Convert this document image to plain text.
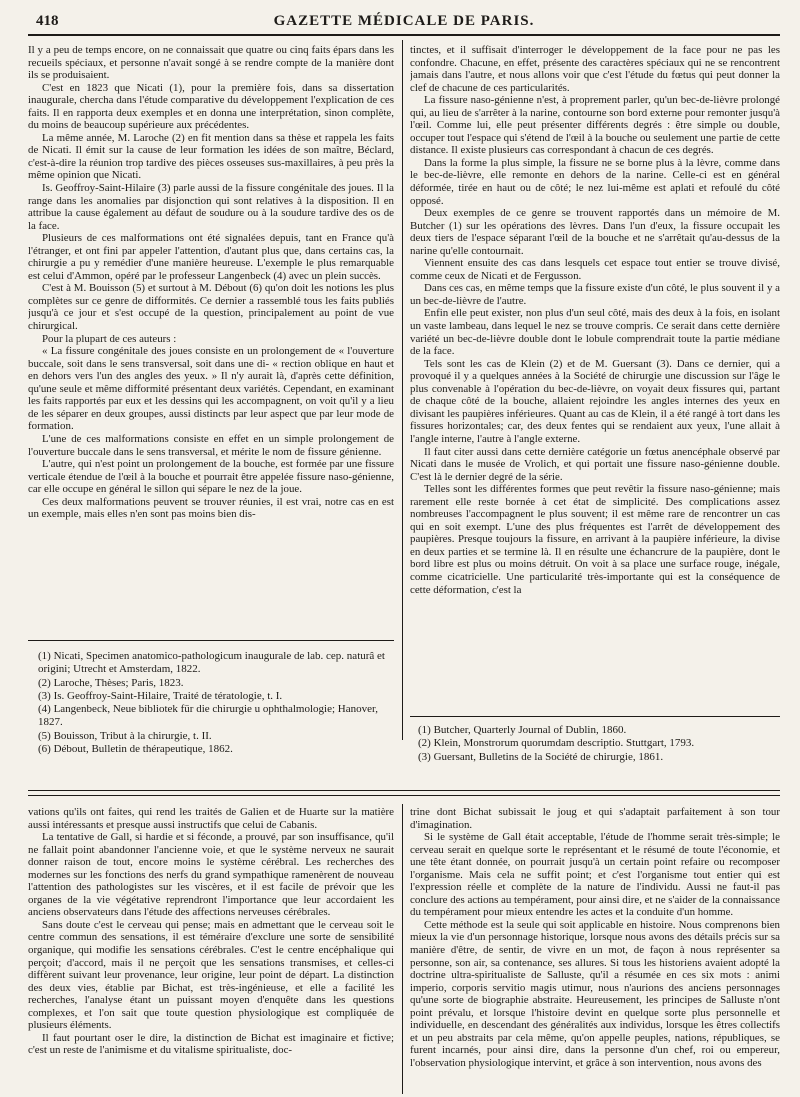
418	GAZETTE MÉDICALE DE PARIS.

Il y a peu de temps encore, on ne connaissait que quatre ou cinq faits épars dans les recueils spéciaux, et personne n'avait songé à se rendre compte de la manière dont ils se produisaient.

C'est en 1823 que Nicati (1), pour la première fois, dans sa dissertation inaugurale, chercha dans l'étude comparative du développement l'explication de ces faits. Il en rapporta deux exemples et en donna une interprétation, sinon complète, du moins de beaucoup supérieure aux précédentes.

La même année, M. Laroche (2) en fit mention dans sa thèse et rappela les faits de Nicati. Il émit sur la cause de leur formation les idées de son maître, Béclard, c'est-à-dire la réunion trop tardive des pièces osseuses sus-maxillaires, à peu près la même opinion que Nicati.

Is. Geoffroy-Saint-Hilaire (3) parle aussi de la fissure congénitale des joues. Il la range dans les anomalies par disjonction qui sont relatives à la disposition. Il en attribue la cause également au défaut de soudure ou à la soudure tardive des os de la face.

Plusieurs de ces malformations ont été signalées depuis, tant en France qu'à l'étranger, et ont fini par appeler l'attention, d'autant plus que, dans certains cas, la chirurgie a pu y remédier d'une manière heureuse. L'exemple le plus remarquable est celui d'Ammon, opéré par le professeur Langenbeck (4) avec un plein succès.

C'est à M. Bouisson (5) et surtout à M. Débout (6) qu'on doit les notions les plus complètes sur ce genre de difformités. Ce dernier a rassemblé tous les faits publiés jusqu'à ce jour et s'est occupé de la question, principalement au point de vue chirurgical.

Pour la plupart de ces auteurs :

« La fissure congénitale des joues consiste en un prolongement de « l'ouverture buccale, soit dans le sens transversal, soit dans une di- « rection oblique en haut et en dehors vers l'un des angles des yeux. » Il n'y aurait là, d'après cette définition, qu'une seule et même difformité présentant deux variétés. Cependant, en examinant les faits rapportés par eux et les dessins qui les accompagnent, on voit qu'il y a lieu de les séparer en deux groupes, aussi distincts par leur aspect que par leur mode de formation.

L'une de ces malformations consiste en effet en un simple prolongement de l'ouverture buccale dans le sens transversal, et mérite le nom de fissure génienne.

L'autre, qui n'est point un prolongement de la bouche, est formée par une fissure verticale étendue de l'œil à la bouche et pourrait être appelée fissure naso-génienne, car elle occupe en général le sillon qui sépare le nez de la joue.

Ces deux malformations peuvent se trouver réunies, il est vrai, notre cas en est un exemple, mais elles n'en sont pas moins bien dis-

tinctes, et il suffisait d'interroger le développement de la face pour ne pas les confondre. Chacune, en effet, présente des caractères spéciaux qui ne se rencontrent jamais dans l'autre, et nous allons voir que c'est l'étude du fœtus qui peut donner la clef de chacune de ces particularités.

La fissure naso-génienne n'est, à proprement parler, qu'un bec-de-lièvre prolongé qui, au lieu de s'arrêter à la narine, contourne son bord externe pour remonter jusqu'à l'œil. Comme lui, elle peut présenter différents degrés : être simple ou double, occuper tout l'espace qui s'étend de l'œil à la bouche ou seulement une partie de cette distance. Il existe plusieurs cas correspondant à chacun de ces degrés.

Dans la forme la plus simple, la fissure ne se borne plus à la lèvre, comme dans le bec-de-lièvre, elle remonte en dehors de la narine. Celle-ci est en général déformée, tirée en haut ou de côté; le nez lui-même est aplati et refoulé du côté opposé.

Deux exemples de ce genre se trouvent rapportés dans un mémoire de M. Butcher (1) sur les opérations des lèvres. Dans l'un d'eux, la fissure occupait les deux tiers de l'espace séparant l'œil de la bouche et ne s'arrêtait qu'au-dessus de la narine qu'elle contournait.

Viennent ensuite des cas dans lesquels cet espace tout entier se trouve divisé, comme ceux de Nicati et de Fergusson.

Dans ces cas, en même temps que la fissure existe d'un côté, le plus souvent il y a un bec-de-lièvre de l'autre.

Enfin elle peut exister, non plus d'un seul côté, mais des deux à la fois, en isolant un vaste lambeau, dans lequel le nez se trouve compris. Ce serait dans cette dernière variété un bec-de-lièvre double dont le lobule comprendrait toute la partie médiane de la face.

Tels sont les cas de Klein (2) et de M. Guersant (3). Dans ce dernier, qui a provoqué il y a quelques années à la Société de chirurgie une discussion sur l'âge le plus convenable à l'opération du bec-de-lièvre, on voyait deux fissures qui, partant de chaque côté de la bouche, allaient rejoindre les angles internes des yeux en divisant les paupières inférieures. Quant au cas de Klein, il a été rangé à tort dans les fissures horizontales; car, des deux fentes qui se rendaient aux yeux, l'une allait à l'angle interne, l'autre à l'angle externe.

Il faut citer aussi dans cette dernière catégorie un fœtus anencéphale observé par Nicati dans le musée de Vrolich, et qui portait une fissure naso-génienne double. C'est là le dernier degré de la série.

Telles sont les différentes formes que peut revêtir la fissure naso-génienne; mais rarement elle reste bornée à cet état de simplicité. Des complications assez nombreuses l'accompagnent le plus souvent; il est même rare de rencontrer un cas qui en soit exempt. L'une des plus fréquentes est l'arrêt de développement des paupières. Presque toujours la fissure, en arrivant à la paupière inférieure, la divise en deux parties et se termine là. Il en résulte une échancrure de la paupière, dont le bord libre est plus ou moins détruit. On voit à sa place une surface rouge, inégale, comme cicatricielle. Une particularité très-importante qui est la conséquence de cette déformation, c'est la

(1) Nicati, Specimen anatomico-pathologicum inaugurale de lab. cep. naturâ et origini; Utrecht et Amsterdam, 1822.
(2) Laroche, Thèses; Paris, 1823.
(3) Is. Geoffroy-Saint-Hilaire, Traité de tératologie, t. I.
(4) Langenbeck, Neue bibliotek für die chirurgie u ophthalmologie; Hanover, 1827.
(5) Bouisson, Tribut à la chirurgie, t. II.
(6) Débout, Bulletin de thérapeutique, 1862.
(1) Butcher, Quarterly Journal of Dublin, 1860.
(2) Klein, Monstrorum quorumdam descriptio. Stuttgart, 1793.
(3) Guersant, Bulletins de la Société de chirurgie, 1861.

vations qu'ils ont faites, qui rend les traités de Galien et de Huarte sur la matière aussi intéressants et presque aussi instructifs que celui de Cabanis.

La tentative de Gall, si hardie et si féconde, a prouvé, par son insuffisance, qu'il ne fallait point abandonner l'ancienne voie, et que le système nerveux ne saurait donner raison de tout, encore moins le système cérébral. Les recherches des modernes sur les fonctions des nerfs du grand sympathique ramenèrent de nouveau l'attention des pathologistes sur les viscères, et il est facile de prévoir que les organes de la vie végétative reprendront l'importance que leur accordaient les anciens observateurs dans l'étude des affections nerveuses cérébrales.

Sans doute c'est le cerveau qui pense; mais en admettant que le cerveau soit le centre commun des sensations, il est téméraire d'exclure une sorte de sensibilité organique, qui modifie les sensations cérébrales. C'est le centre encéphalique qui perçoit; d'accord, mais il ne perçoit que les sensations transmises, et celles-ci diffèrent suivant leur provenance, leur origine, leur point de départ. La distinction des deux vies, établie par Bichat, est très-ingénieuse, et elle a facilité les recherches, l'analyse étant un puissant moyen d'enquête dans les questions complexes, et l'on sait que toute question physiologique est compliquée de plusieurs éléments.

Il faut pourtant oser le dire, la distinction de Bichat est imaginaire et fictive; c'est un reste de l'animisme et du vitalisme spiritualiste, doc-

trine dont Bichat subissait le joug et qui s'adaptait parfaitement à son tour d'imagination.

Si le système de Gall était acceptable, l'étude de l'homme serait très-simple; le cerveau serait en quelque sorte le représentant et le résumé de toute l'économie, et une tête étant donnée, on pourrait jusqu'à un certain point refaire ou recomposer l'organisme. Mais cela ne suffit point; et c'est l'organisme tout entier qui est l'expression réelle et complète de la nature de l'individu. Aussi ne faut-il pas conclure des actions au tempérament, pour ainsi dire, et ne s'aider de la connaissance du tempérament pour mieux entendre les actes et la conduite d'un homme.

Cette méthode est la seule qui soit applicable en histoire. Nous comprenons bien mieux la vie d'un personnage historique, lorsque nous avons des détails précis sur sa manière d'être, de sentir, de vivre en un mot, de façon à nous représenter sa personne, son air, sa contenance, ses allures. Si tous les historiens avaient adopté la doctrine ultra-spiritualiste de Salluste, qu'il a résumée en ces six mots : animi imperio, corporis servitio magis utimur, nous n'aurions des anciens personnages qu'une sorte de biographie abstraite. Heureusement, les principes de Salluste n'ont point prévalu, et lorsque l'histoire devint en quelque sorte plus personnelle et individuelle, en descendant des généralités aux individus, lorsque les êtres collectifs et un peu abstraits par cela même, qu'on appelle peuples, nations, républiques, se furent incarnés, pour ainsi dire, dans la personne d'un chef, roi ou empereur, l'observation physiologique intervint, et grâce à son intervention, nous avons des
